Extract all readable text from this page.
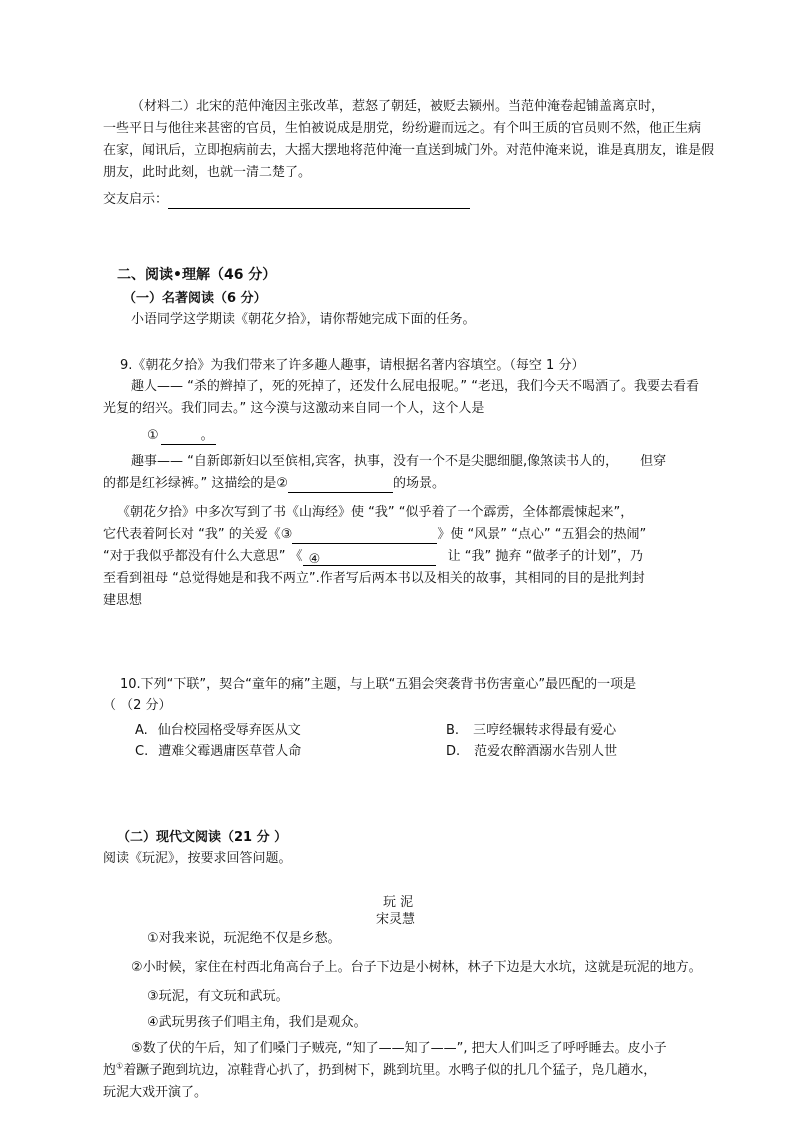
（材料二）北宋的范仲淹因主张改革，惹怒了朝廷，被贬去颍州。当范仲淹卷起铺盖离京时，
一些平日与他往来甚密的官员，生怕被说成是朋党，纷纷避而远之。有个叫王质的官员则不然，他正生病
在家，闻讯后，立即抱病前去，大摇大摆地将范仲淹一直送到城门外。对范仲淹来说，谁是真朋友，谁是假
朋友，此时此刻，也就一清二楚了。
交友启示：
二、阅读•理解（46 分）
（一）名著阅读（6 分）
小语同学这学期读《朝花夕拾》，请你帮她完成下面的任务。
9.《朝花夕拾》为我们带来了许多趣人趣事，请根据名著内容填空。（每空 1 分）
趣人—— “杀的辫掉了，死的死掉了，还发什么屁电报呢。” “老迅，我们今天不喝酒了。我要去看看
光复的绍兴。我们同去。” 这今漠与这激动来自同一个人，这个人是
①	。
趣事—— “自新郎新妇以至傧相,宾客，执事，没有一个不是尖腮细腿,像煞读书人的， 但穿
的都是红衫绿裤。” 这描绘的是②	的场景。
《朝花夕拾》中多次写到了书《山海经》使 “我” “似乎着了一个霹雳，全体都震悚起来”，
它代表着阿长对 “我” 的关爱《③	》使 “风景” “点心” “五猖会的热闹”
“对于我似乎都没有什么大意思” 《 ④	让 “我” 抛弃 “做孝子的计划”，乃
至看到祖母 “总觉得她是和我不两立”.作者写后两本书以及相关的故事，其相同的目的是批判封
建思想
10.下列“下联”，契合“童年的痛”主题，与上联“五猖会突袭背书伤害童心”最匹配的一项是
（ （2 分）
A. 仙台校园格受辱弃医从文	B. 三哼经辗转求得最有爱心
C. 遭难父霉遇庸医草菅人命	D. 范爱农醉酒溺水告别人世
（二）现代文阅读（21 分 ）
阅读《玩泥》，按要求回答问题。
玩 泥
宋灵慧
①对我来说，玩泥绝不仅是乡愁。
②小时候，家住在村西北角高台子上。台子下边是小树林，林子下边是大水坑，这就是玩泥的地方。
③玩泥，有文玩和武玩。
④武玩男孩子们唱主角，我们是观众。
⑤数了伏的午后，知了们嗓门子贼亮, “知了——知了——”, 把大人们叫乏了呼呼睡去。皮小子
尥①着蹶子跑到坑边，凉鞋背心扒了，扔到树下，跳到坑里。水鸭子似的扎几个猛子，凫几趟水，
玩泥大戏开演了。
